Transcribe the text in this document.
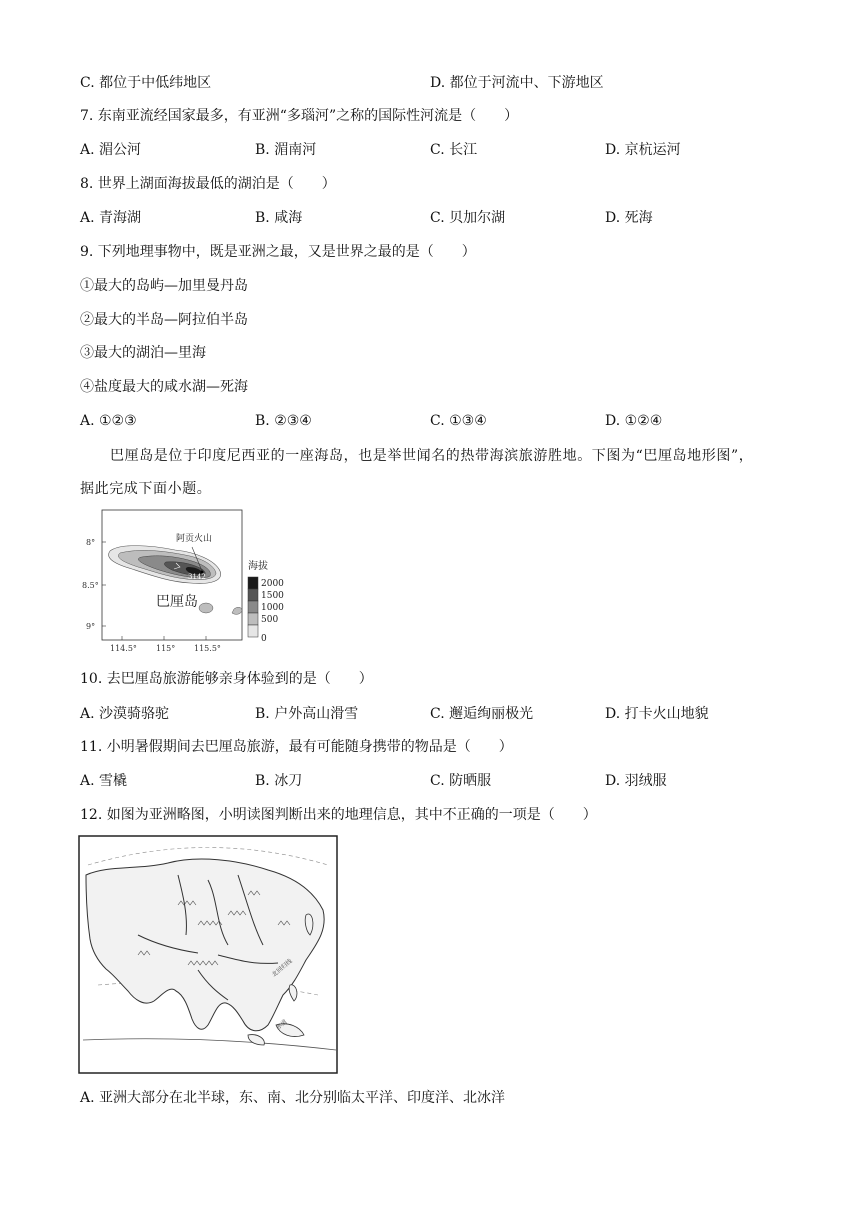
C. 都位于中低纬地区	D. 都位于河流中、下游地区
7. 东南亚流经国家最多，有亚洲“多瑙河”之称的国际性河流是（　　）
A. 湄公河	B. 湄南河	C. 长江	D. 京杭运河
8. 世界上湖面海拔最低的湖泊是（　　）
A. 青海湖	B. 咸海	C. 贝加尔湖	D. 死海
9. 下列地理事物中，既是亚洲之最，又是世界之最的是（　　）
①最大的岛屿—加里曼丹岛
②最大的半岛—阿拉伯半岛
③最大的湖泊—里海
④盐度最大的咸水湖—死海
A. ①②③	B. ②③④	C. ①③④	D. ①②④
巴厘岛是位于印度尼西亚的一座海岛，也是举世闻名的热带海滨旅游胜地。下图为“巴厘岛地形图”，
据此完成下面小题。
阿贡火山
3142
巴厘岛
8°
8.5°
9°
114.5° 115° 115.5°
海拔
2000
1500
1000
500
0
10. 去巴厘岛旅游能够亲身体验到的是（　　）
A. 沙漠骑骆驼	B. 户外高山滑雪	C. 邂逅绚丽极光	D. 打卡火山地貌
11. 小明暑假期间去巴厘岛旅游，最有可能随身携带的物品是（　　）
A. 雪橇	B. 冰刀	C. 防晒服	D. 羽绒服
12. 如图为亚洲略图，小明读图判断出来的地理信息，其中不正确的一项是（　　）
北回归线
赤道
A. 亚洲大部分在北半球，东、南、北分别临太平洋、印度洋、北冰洋
